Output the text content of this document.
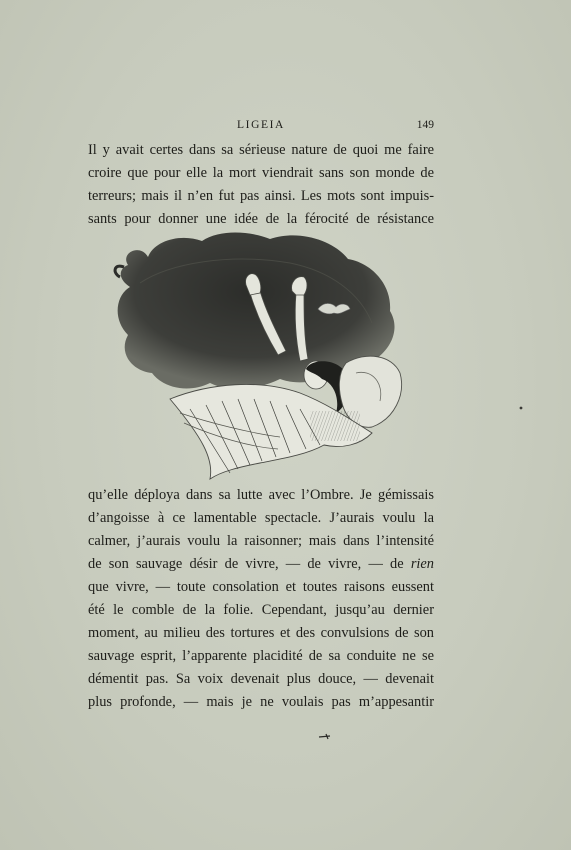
LIGEIA	149
Il y avait certes dans sa sérieuse nature de quoi me faire
croire que pour elle la mort viendrait sans son monde de
terreurs; mais il n’en fut pas ainsi. Les mots sont impuis-
sants pour donner une idée de la férocité de résistance
qu’elle déploya dans sa lutte avec l’Ombre. Je gémissais
d’angoisse à ce lamentable spectacle. J’aurais voulu la
calmer, j’aurais voulu la raisonner; mais dans l’intensité
de son sauvage désir de vivre, — de vivre, — de rien
que vivre, — toute consolation et toutes raisons eussent
été le comble de la folie. Cependant, jusqu’au dernier
moment, au milieu des tortures et des convulsions de son
sauvage esprit, l’apparente placidité de sa conduite ne se
démentit pas. Sa voix devenait plus douce, — devenait
plus profonde, — mais je ne voulais pas m’appesantir
